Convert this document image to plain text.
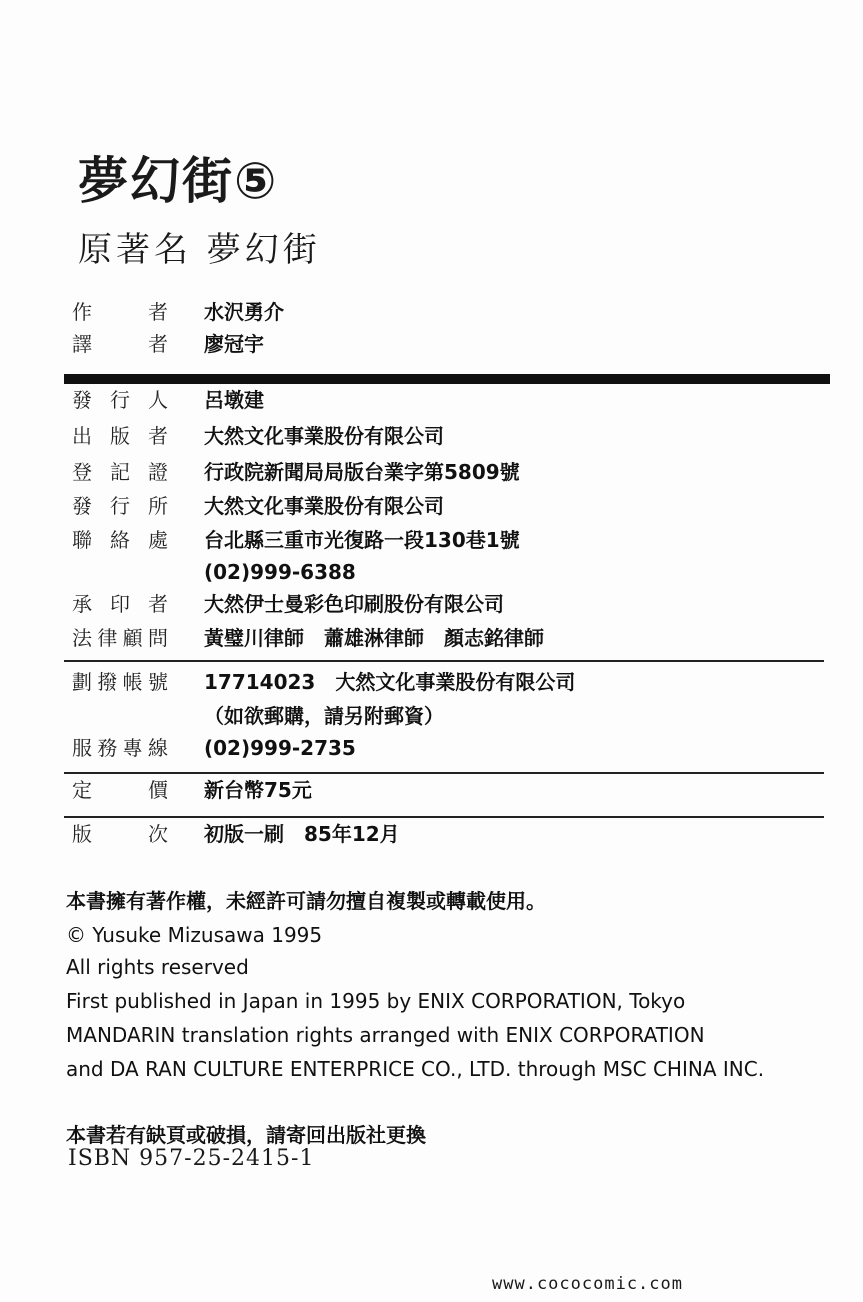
夢幻街⑤
原著名 夢幻街
作	者 水沢勇介
譯	者 廖冠宇
發 行 人 呂墩建
出 版 者 大然文化事業股份有限公司
登 記 證 行政院新聞局局版台業字第5809號
發 行 所 大然文化事業股份有限公司
聯 絡 處 台北縣三重市光復路一段130巷1號
(02)999-6388
承 印 者 大然伊士曼彩色印刷股份有限公司
法 律 顧 問 黃璧川律師　蕭雄淋律師　顏志銘律師
劃 撥 帳 號 17714023　大然文化事業股份有限公司
（如欲郵購，請另附郵資）
服 務 專 線 (02)999-2735
定	價 新台幣75元
版	次 初版一刷　85年12月
本書擁有著作權，未經許可請勿擅自複製或轉載使用。
© Yusuke Mizusawa 1995
All rights reserved
First published in Japan in 1995 by ENIX CORPORATION, Tokyo
MANDARIN translation rights arranged with ENIX CORPORATION
and DA RAN CULTURE ENTERPRICE CO., LTD. through MSC CHINA INC.
本書若有缺頁或破損，請寄回出版社更換
ISBN 957-25-2415-1
www.cococomic.com
